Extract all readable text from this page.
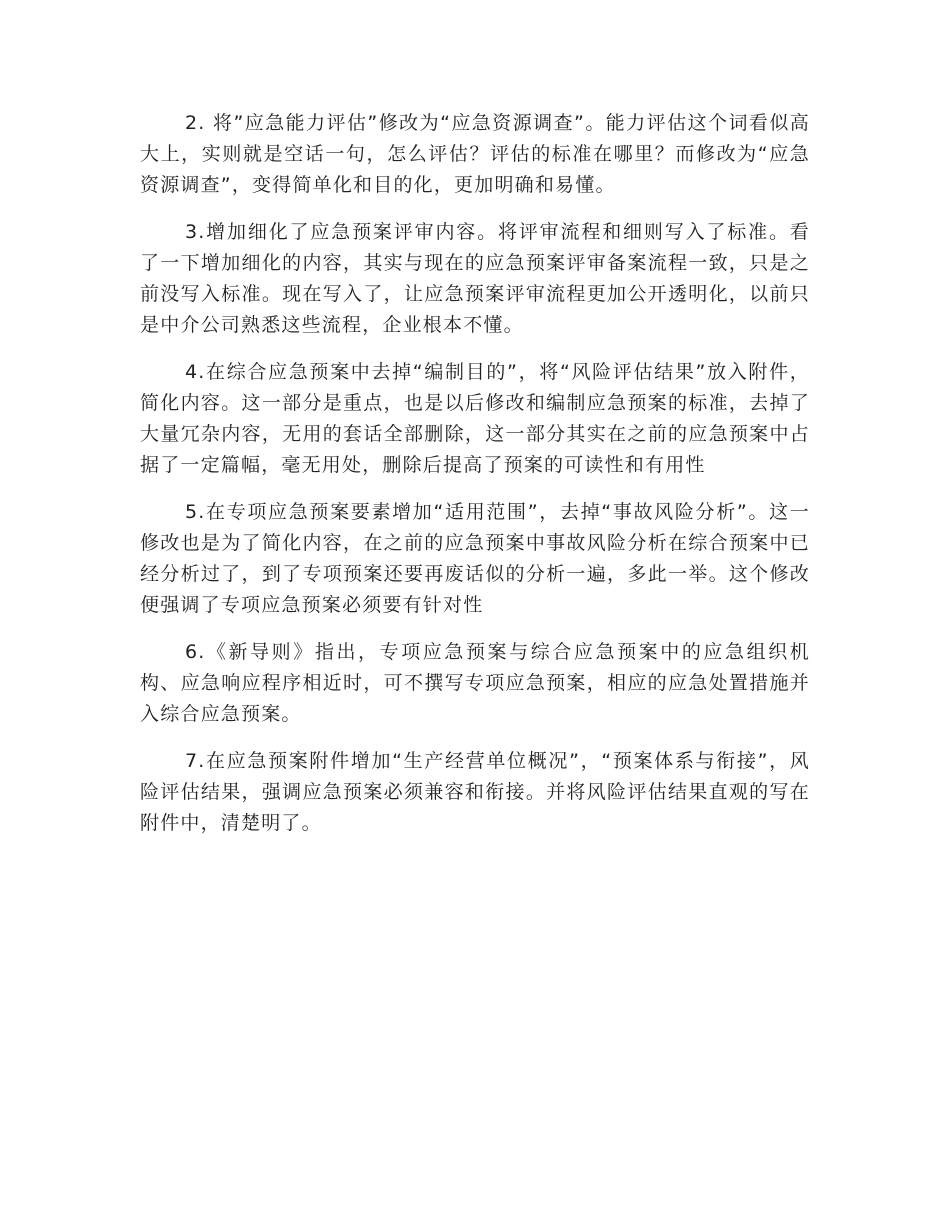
2. 将”应急能力评估”修改为“应急资源调查”。能力评估这个词看似高大上，实则就是空话一句，怎么评估？评估的标准在哪里？而修改为“应急资源调查”，变得简单化和目的化，更加明确和易懂。

3.增加细化了应急预案评审内容。将评审流程和细则写入了标准。看了一下增加细化的内容，其实与现在的应急预案评审备案流程一致，只是之前没写入标准。现在写入了，让应急预案评审流程更加公开透明化，以前只是中介公司熟悉这些流程，企业根本不懂。

4.在综合应急预案中去掉“编制目的”，将“风险评估结果”放入附件，简化内容。这一部分是重点，也是以后修改和编制应急预案的标准，去掉了大量冗杂内容，无用的套话全部删除，这一部分其实在之前的应急预案中占据了一定篇幅，毫无用处，删除后提高了预案的可读性和有用性

5.在专项应急预案要素增加“适用范围”，去掉“事故风险分析”。这一修改也是为了简化内容，在之前的应急预案中事故风险分析在综合预案中已经分析过了，到了专项预案还要再废话似的分析一遍，多此一举。这个修改便强调了专项应急预案必须要有针对性

6.《新导则》指出，专项应急预案与综合应急预案中的应急组织机构、应急响应程序相近时，可不撰写专项应急预案，相应的应急处置措施并入综合应急预案。

7.在应急预案附件增加“生产经营单位概况”，“预案体系与衔接”，风险评估结果，强调应急预案必须兼容和衔接。并将风险评估结果直观的写在附件中，清楚明了。
